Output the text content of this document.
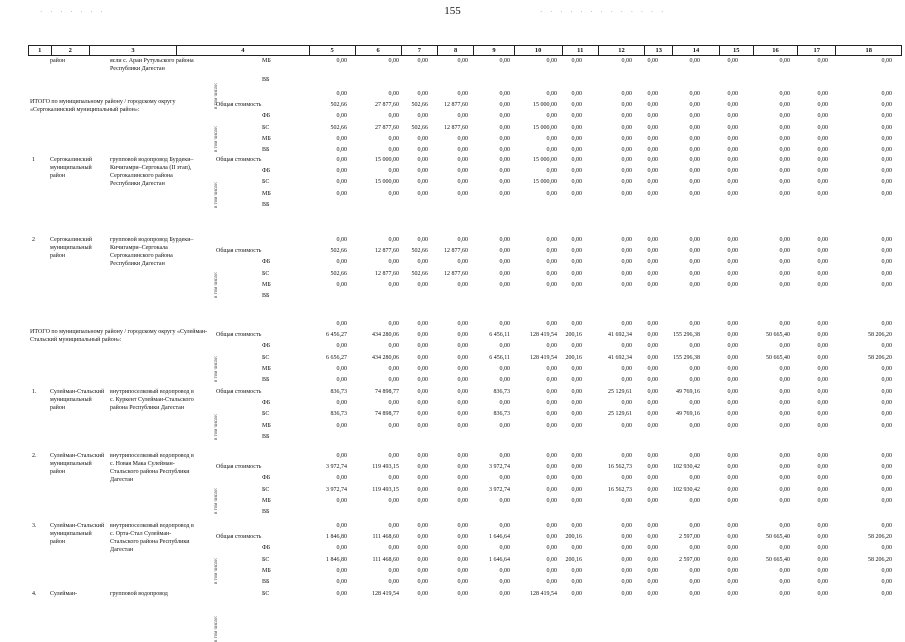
· · · · · · ·	155	· · · · · · · · · · · · ·
1	2	3	4	5	6	7	8	9	10	11	12	13	14	15	16	17	18
район	ясли с. Араи Рутульского района Республики Дагестан
в том числе:
МБ	0,00	0,00	0,00	0,00	0,00	0,00	0,00	0,00	0,00	0,00	0,00	0,00	0,00	0,00
ВБ
ИТОГО по муниципальному району / городскому округу «Сергокалинский муниципальный район»:
в том числе:
0,00	0,00	0,00	0,00	0,00	0,00	0,00	0,00	0,00	0,00	0,00	0,00	0,00	0,00
Общая стоимость	502,66	27 877,60	502,66	12 877,60	0,00	15 000,00	0,00	0,00	0,00	0,00	0,00	0,00	0,00	0,00
ФБ	0,00	0,00	0,00	0,00	0,00	0,00	0,00	0,00	0,00	0,00	0,00	0,00	0,00	0,00
БС	502,66	27 877,60	502,66	12 877,60	0,00	15 000,00	0,00	0,00	0,00	0,00	0,00	0,00	0,00	0,00
МБ	0,00	0,00	0,00	0,00	0,00	0,00	0,00	0,00	0,00	0,00	0,00	0,00	0,00	0,00
ВБ	0,00	0,00	0,00	0,00	0,00	0,00	0,00	0,00	0,00	0,00	0,00	0,00	0,00	0,00
1	Сергокалинский муниципальный район
групповой водопровод Бурдеки–Кичигамри–Сергокала (II этап), Сергокалинского района Республики Дагестан	в том числе:
Общая стоимость	0,00	15 000,00	0,00	0,00	0,00	15 000,00	0,00	0,00	0,00	0,00	0,00	0,00	0,00	0,00
ФБ	0,00	0,00	0,00	0,00	0,00	0,00	0,00	0,00	0,00	0,00	0,00	0,00	0,00	0,00
БС	0,00	15 000,00	0,00	0,00	0,00	15 000,00	0,00	0,00	0,00	0,00	0,00	0,00	0,00	0,00
МБ	0,00	0,00	0,00	0,00	0,00	0,00	0,00	0,00	0,00	0,00	0,00	0,00	0,00	0,00
ВБ
2	Сергокалинский муниципальный район
групповой водопровод Бурдеки–Кичигамри–Сергокала Сергокалинского района Республики Дагестан
в том числе:
0,00	0,00	0,00	0,00	0,00	0,00	0,00	0,00	0,00	0,00	0,00	0,00	0,00	0,00
Общая стоимость	502,66	12 877,60	502,66	12 877,60	0,00	0,00	0,00	0,00	0,00	0,00	0,00	0,00	0,00	0,00
ФБ	0,00	0,00	0,00	0,00	0,00	0,00	0,00	0,00	0,00	0,00	0,00	0,00	0,00	0,00
БС	502,66	12 877,60	502,66	12 877,60	0,00	0,00	0,00	0,00	0,00	0,00	0,00	0,00	0,00	0,00
МБ	0,00	0,00	0,00	0,00	0,00	0,00	0,00	0,00	0,00	0,00	0,00	0,00	0,00	0,00
ВБ
ИТОГО по муниципальному району / городскому округу «Сулейман-Стальский муниципальный район»:
в том числе:
0,00	0,00	0,00	0,00	0,00	0,00	0,00	0,00	0,00	0,00	0,00	0,00	0,00	0,00
Общая стоимость	6 456,27	434 280,06	0,00	0,00	6 456,11	128 419,54	200,16	41 692,34	0,00	155 296,38	0,00	50 665,40	0,00	58 206,20
ФБ	0,00	0,00	0,00	0,00	0,00	0,00	0,00	0,00	0,00	0,00	0,00	0,00	0,00	0,00
БС	6 656,27	434 280,06	0,00	0,00	6 456,11	128 419,54	200,16	41 692,34	0,00	155 296,38	0,00	50 665,40	0,00	58 206,20
МБ	0,00	0,00	0,00	0,00	0,00	0,00	0,00	0,00	0,00	0,00	0,00	0,00	0,00	0,00
ВБ	0,00	0,00	0,00	0,00	0,00	0,00	0,00	0,00	0,00	0,00	0,00	0,00	0,00	0,00
1.	Сулейман-Стальский муниципальный район
внутрипоселковый водопровод в с. Куркент Сулейман-Стальского района Республики Дагестан
в том числе:
Общая стоимость	836,73	74 898,77	0,00	0,00	836,73	0,00	0,00	25 129,61	0,00	49 769,16	0,00	0,00	0,00	0,00
ФБ	0,00	0,00	0,00	0,00	0,00	0,00	0,00	0,00	0,00	0,00	0,00	0,00	0,00	0,00
БС	836,73	74 898,77	0,00	0,00	836,73	0,00	0,00	25 129,61	0,00	49 769,16	0,00	0,00	0,00	0,00
МБ	0,00	0,00	0,00	0,00	0,00	0,00	0,00	0,00	0,00	0,00	0,00	0,00	0,00	0,00
ВБ
2.	Сулейман-Стальский муниципальный район
внутрипоселковый водопровод в с. Новая Мака Сулейман-Стальского района Республики Дагестан
в том числе:
0,00	0,00	0,00	0,00	0,00	0,00	0,00	0,00	0,00	0,00	0,00	0,00	0,00	0,00
Общая стоимость	3 972,74	119 493,15	0,00	0,00	3 972,74	0,00	0,00	16 562,73	0,00	102 930,42	0,00	0,00	0,00	0,00
ФБ	0,00	0,00	0,00	0,00	0,00	0,00	0,00	0,00	0,00	0,00	0,00	0,00	0,00	0,00
БС	3 972,74	119 493,15	0,00	0,00	3 972,74	0,00	0,00	16 562,73	0,00	102 930,42	0,00	0,00	0,00	0,00
МБ	0,00	0,00	0,00	0,00	0,00	0,00	0,00	0,00	0,00	0,00	0,00	0,00	0,00	0,00
ВБ
3.	Сулейман-Стальский муниципальный район
внутрипоселковый водопровод в с. Орта-Стал Сулейман-Стальского района Республики Дагестан
в том числе:
0,00	0,00	0,00	0,00	0,00	0,00	0,00	0,00	0,00	0,00	0,00	0,00	0,00	0,00
Общая стоимость	1 846,80	111 468,60	0,00	0,00	1 646,64	0,00	200,16	0,00	0,00	2 597,00	0,00	50 665,40	0,00	58 206,20
ФБ	0,00	0,00	0,00	0,00	0,00	0,00	0,00	0,00	0,00	0,00	0,00	0,00	0,00	0,00
БС	1 846,80	111 468,60	0,00	0,00	1 646,64	0,00	200,16	0,00	0,00	2 597,00	0,00	50 665,40	0,00	58 206,20
МБ	0,00	0,00	0,00	0,00	0,00	0,00	0,00	0,00	0,00	0,00	0,00	0,00	0,00	0,00
ВБ	0,00	0,00	0,00	0,00	0,00	0,00	0,00	0,00	0,00	0,00	0,00	0,00	0,00	0,00
4.	Сулейман-	групповой водопровод
в том числе:
БС	0,00	128 419,54	0,00	0,00	0,00	128 419,54	0,00	0,00	0,00	0,00	0,00	0,00	0,00	0,00
